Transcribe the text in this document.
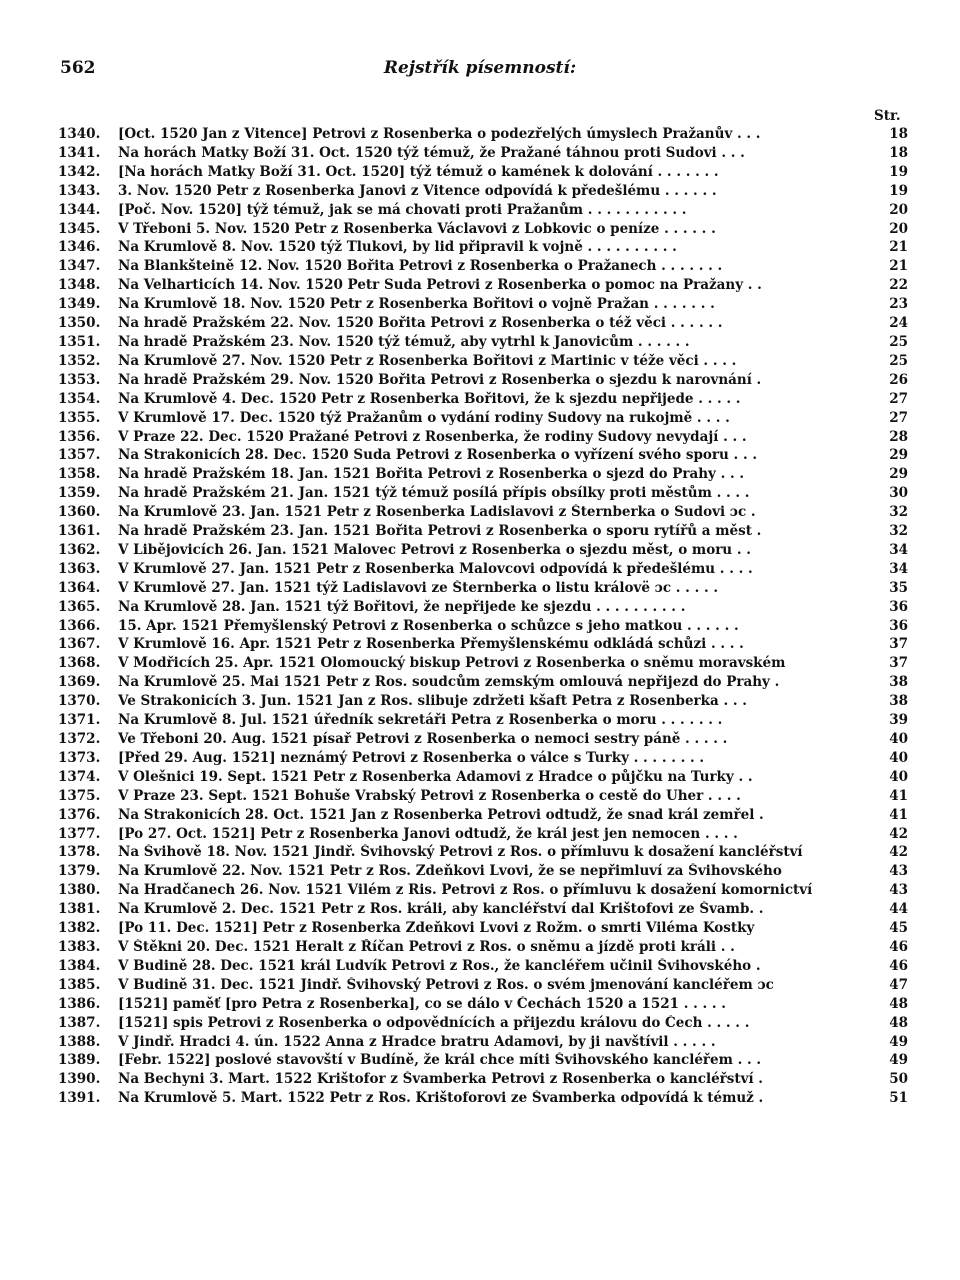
562	Rejstřík písemností:
Str.
1340.	[Oct. 1520 Jan z Vitence] Petrovi z Rosenberka o podezřelých úmyslech Pražanův . . .	18
1341.	Na horách Matky Boží 31. Oct. 1520 týž témuž, že Pražané táhnou proti Sudovi . . .	18
1342.	[Na horách Matky Boží 31. Oct. 1520] týž témuž o kamének k dolování . . . . . . .	19
1343.	3. Nov. 1520 Petr z Rosenberka Janovi z Vitence odpovídá k předešlému . . . . . .	19
1344.	[Poč. Nov. 1520] týž témuž, jak se má chovati proti Pražanům . . . . . . . . . . .	20
1345.	V Třeboni 5. Nov. 1520 Petr z Rosenberka Václavovi z Lobkovic o peníze . . . . . .	20
1346.	Na Krumlově 8. Nov. 1520 týž Tlukovi, by lid připravil k vojně . . . . . . . . . .	21
1347.	Na Blankšteině 12. Nov. 1520 Bořita Petrovi z Rosenberka o Pražanech . . . . . . .	21
1348.	Na Velharticích 14. Nov. 1520 Petr Suda Petrovi z Rosenberka o pomoc na Pražany . .	22
1349.	Na Krumlově 18. Nov. 1520 Petr z Rosenberka Bořitovi o vojně Pražan . . . . . . .	23
1350.	Na hradě Pražském 22. Nov. 1520 Bořita Petrovi z Rosenberka o též věci . . . . . .	24
1351.	Na hradě Pražském 23. Nov. 1520 týž témuž, aby vytrhl k Janovicům . . . . . .	25
1352.	Na Krumlově 27. Nov. 1520 Petr z Rosenberka Bořitovi z Martinic v téže věci . . . .	25
1353.	Na hradě Pražském 29. Nov. 1520 Bořita Petrovi z Rosenberka o sjezdu k narovnání .	26
1354.	Na Krumlově 4. Dec. 1520 Petr z Rosenberka Bořitovi, že k sjezdu nepřijede . . . . .	27
1355.	V Krumlově 17. Dec. 1520 týž Pražanům o vydání rodiny Sudovy na rukojmě . . . .	27
1356.	V Praze 22. Dec. 1520 Pražané Petrovi z Rosenberka, že rodiny Sudovy nevydají . . .	28
1357.	Na Strakonicích 28. Dec. 1520 Suda Petrovi z Rosenberka o vyřízení svého sporu . . .	29
1358.	Na hradě Pražském 18. Jan. 1521 Bořita Petrovi z Rosenberka o sjezd do Prahy . . .	29
1359.	Na hradě Pražském 21. Jan. 1521 týž témuž posílá přípis obsílky proti městům . . . .	30
1360.	Na Krumlově 23. Jan. 1521 Petr z Rosenberka Ladislavovi z Šternberka o Sudovi ɔc .	32
1361.	Na hradě Pražském 23. Jan. 1521 Bořita Petrovi z Rosenberka o sporu rytířů a měst .	32
1362.	V Libějovicích 26. Jan. 1521 Malovec Petrovi z Rosenberka o sjezdu měst, o moru . .	34
1363.	V Krumlově 27. Jan. 1521 Petr z Rosenberka Malovcovi odpovídá k předešlému . . . .	34
1364.	V Krumlově 27. Jan. 1521 týž Ladislavovi ze Šternberka o listu královë ɔc . . . . .	35
1365.	Na Krumlově 28. Jan. 1521 týž Bořitovi, že nepřijede ke sjezdu . . . . . . . . . .	36
1366.	15. Apr. 1521 Přemyšlenský Petrovi z Rosenberka o schůzce s jeho matkou . . . . . .	36
1367.	V Krumlově 16. Apr. 1521 Petr z Rosenberka Přemyšlenskému odkládá schůzi . . . .	37
1368.	V Modřicích 25. Apr. 1521 Olomoucký biskup Petrovi z Rosenberka o sněmu moravském	37
1369.	Na Krumlově 25. Mai 1521 Petr z Ros. soudcům zemským omlouvá nepřijezd do Prahy .	38
1370.	Ve Strakonicích 3. Jun. 1521 Jan z Ros. slibuje zdržeti kšaft Petra z Rosenberka . . .	38
1371.	Na Krumlově 8. Jul. 1521 úředník sekretáři Petra z Rosenberka o moru . . . . . . .	39
1372.	Ve Třeboni 20. Aug. 1521 písař Petrovi z Rosenberka o nemoci sestry páně . . . . .	40
1373.	[Před 29. Aug. 1521] neznámý Petrovi z Rosenberka o válce s Turky . . . . . . . .	40
1374.	V Olešnici 19. Sept. 1521 Petr z Rosenberka Adamovi z Hradce o půjčku na Turky . .	40
1375.	V Praze 23. Sept. 1521 Bohuše Vrabský Petrovi z Rosenberka o cestě do Uher . . . .	41
1376.	Na Strakonicích 28. Oct. 1521 Jan z Rosenberka Petrovi odtudž, že snad král zemřel .	41
1377.	[Po 27. Oct. 1521] Petr z Rosenberka Janovi odtudž, že král jest jen nemocen . . . .	42
1378.	Na Švihově 18. Nov. 1521 Jindř. Švihovský Petrovi z Ros. o přímluvu k dosažení kancléřství	42
1379.	Na Krumlově 22. Nov. 1521 Petr z Ros. Zdeňkovi Lvovi, že se nepřimluví za Švihovského	43
1380.	Na Hradčanech 26. Nov. 1521 Vilém z Ris. Petrovi z Ros. o přímluvu k dosažení komornictví	43
1381.	Na Krumlově 2. Dec. 1521 Petr z Ros. králi, aby kancléřství dal Krištofovi ze Švamb. .	44
1382.	[Po 11. Dec. 1521] Petr z Rosenberka Zdeňkovi Lvovi z Rožm. o smrti Viléma Kostky	45
1383.	V Štěkni 20. Dec. 1521 Heralt z Říčan Petrovi z Ros. o sněmu a jízdě proti králi . .	46
1384.	V Budině 28. Dec. 1521 král Ludvík Petrovi z Ros., že kancléřem učinil Švihovského .	46
1385.	V Budině 31. Dec. 1521 Jindř. Švihovský Petrovi z Ros. o svém jmenování kancléřem ɔc	47
1386.	[1521] paměť [pro Petra z Rosenberka], co se dálo v Čechách 1520 a 1521 . . . . .	48
1387.	[1521] spis Petrovi z Rosenberka o odpovědnících a přijezdu královu do Čech . . . . .	48
1388.	V Jindř. Hradci 4. ún. 1522 Anna z Hradce bratru Adamovi, by ji navštívil . . . . .	49
1389.	[Febr. 1522] poslové stavovští v Budíně, že král chce míti Švihovského kancléřem . . .	49
1390.	Na Bechyni 3. Mart. 1522 Krištofor z Švamberka Petrovi z Rosenberka o kancléřství .	50
1391.	Na Krumlově 5. Mart. 1522 Petr z Ros. Krištoforovi ze Švamberka odpovídá k témuž .	51
